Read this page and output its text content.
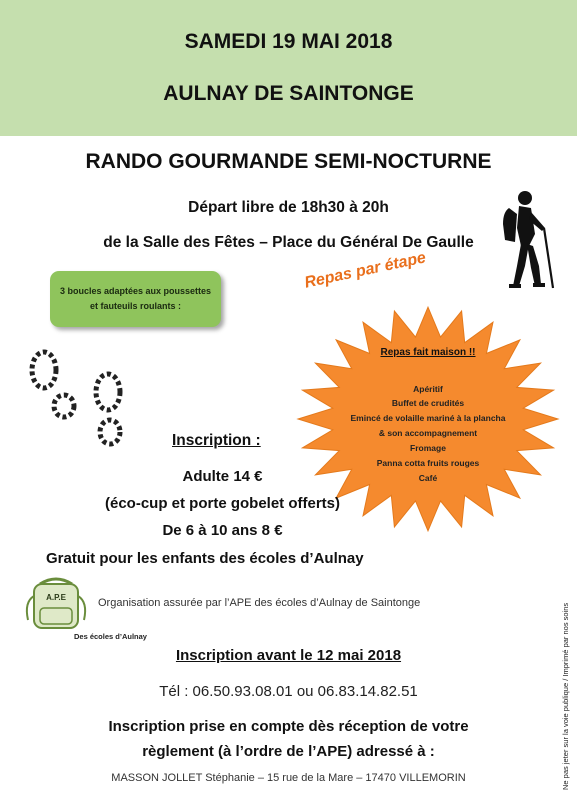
SAMEDI 19 MAI 2018
AULNAY DE SAINTONGE
RANDO GOURMANDE SEMI-NOCTURNE
Départ libre de 18h30 à 20h
de la Salle des Fêtes – Place du Général De Gaulle
3 boucles adaptées aux poussettes
et fauteuils roulants :
Repas par étape
Repas fait maison !!
Apéritif
Buffet de crudités
Emincé de volaille mariné à la plancha
& son accompagnement
Fromage
Panna cotta fruits rouges
Café
Inscription :
Adulte 14 €
(éco-cup et porte gobelet offerts)
De 6 à 10 ans 8 €
Gratuit pour les enfants des écoles d’Aulnay
A.P.E
Des écoles d’Aulnay
Organisation assurée par l’APE des écoles d’Aulnay de Saintonge
Inscription avant le 12 mai 2018
Tél : 06.50.93.08.01 ou 06.83.14.82.51
Inscription prise en compte dès réception de votre
règlement (à l’ordre de l’APE) adressé à :
MASSON JOLLET Stéphanie – 15 rue de la Mare – 17470 VILLEMORIN	Ne pas jeter sur la voie publique / Imprimé par nos soins
